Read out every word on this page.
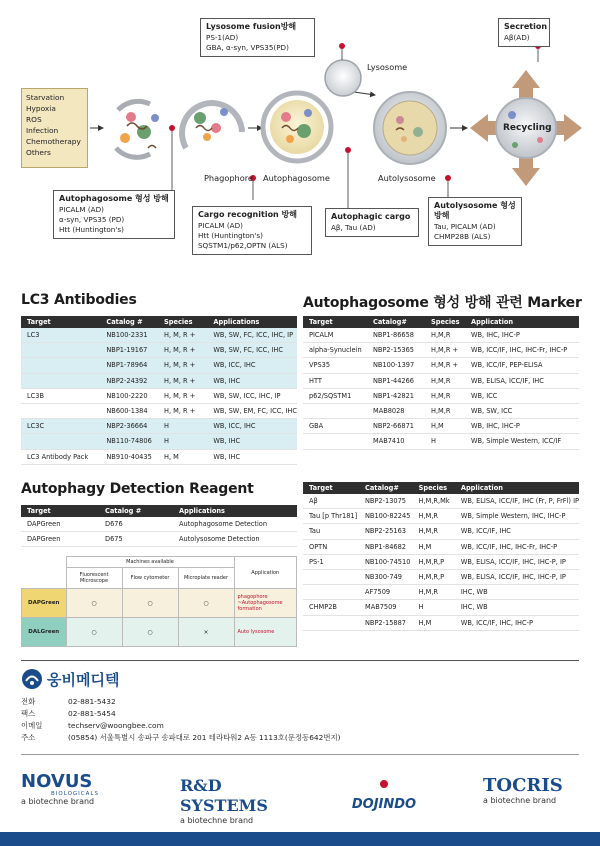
Starvation
Hypoxia
ROS
Infection
Chemotherapy
Others
Lysosome
Recycling
Phagophore Autophagosome	Autolysosome
Lysosome fusion방해
PS-1(AD)
GBA, α-syn, VPS35(PD)
Secretion
Aβ(AD)
Autophagosome 형성 방해
PICALM (AD)
α-syn, VPS35 (PD)
Htt (Huntington's)
Cargo recognition 방해
PICALM (AD)
Htt (Huntington's)
SQSTM1/p62,OPTN (ALS)
Autophagic cargo
Aβ, Tau (AD)
Autolysosome 형성방해
Tau, PICALM (AD)
CHMP28B (ALS)
LC3 Antibodies
Target	Catalog #	Species	Applications
LC3	NB100-2331	H, M, R +	WB, SW, FC, ICC, IHC, IP
	NBP1-19167	H, M, R +	WB, SW, FC, ICC, IHC
	NBP1-78964	H, M, R +	WB, ICC, IHC
	NBP2-24392	H, M, R +	WB, IHC
LC3B	NB100-2220	H, M, R +	WB, SW, ICC, IHC, IP
	NB600-1384	H, M, R +	WB, SW, EM, FC, ICC, IHC
LC3C	NBP2-36664	H	WB, ICC, IHC
	NB110-74806	H	WB, IHC
LC3 Antibody Pack	NB910-40435	H, M	WB, IHC
Autophagosome 형성 방해 관련 Marker
Target	Catalog#	Species	Application
PICALM	NBP1-86658	H,M,R	WB, IHC, IHC-P
alpha-Synuclein	NBP2-15365	H,M,R +	WB, ICC/IF, IHC, IHC-Fr, IHC-P
VPS35	NB100-1397	H,M,R +	WB, ICC/IF, PEP-ELISA
HTT	NBP1-44266	H,M,R	WB, ELISA, ICC/IF, IHC
p62/SQSTM1	NBP1-42821	H,M,R	WB, ICC
	MAB8028	H,M,R	WB, SW, ICC
GBA	NBP2-66871	H,M	WB, IHC, IHC-P
	MAB7410	H	WB, Simple Western, ICC/IF
Autophagy Detection Reagent
Target	Catalog #	Applications
DAPGreen	D676	Autophagosome Detection
DAPGreen	D675	Autolysosome Detection
	Machines available			Application
	Fluorescent Microscope	Flow cytometer	Microplate reader	
DAPGreen	○	○	○	phagophore ~Autophagosome formation
DALGreen	○	○	×	Auto lysosome
Target	Catalog#	Species	Application
Aβ	NBP2-13075	H,M,R,Mk	WB, ELISA, ICC/IF, IHC (Fr, P, FrFl) IP
Tau [p Thr181]	NB100-82245	H,M,R	WB, Simple Western, IHC, IHC-P
Tau	NBP2-25163	H,M,R	WB, ICC/IF, IHC
OPTN	NBP1-84682	H,M	WB, ICC/IF, IHC, IHC-Fr, IHC-P
PS-1	NB100-74510	H,M,R,P	WB, ELISA, ICC/IF, IHC, IHC-P, IP
	NB300-749	H,M,R,P	WB, ELISA, ICC/IF, IHC, IHC-P, IP
	AF7509	H,M,R	IHC, WB
CHMP2B	MAB7509	H	IHC, WB
	NBP2-15887	H,M	WB, ICC/IF, IHC, IHC-P
웅비메디텍
전화	02-881-5432
팩스	02-881-5454
이메일	techserv@woongbee.com
주소	(05854) 서울특별시 송파구 송파대로 201 테라타워2 A동 1113호(문정동642번지)
NOVUS
BIOLOGICALS
a biotechne brand
R&D SYSTEMS
a biotechne brand
DOJINDO
TOCRIS
a biotechne brand
